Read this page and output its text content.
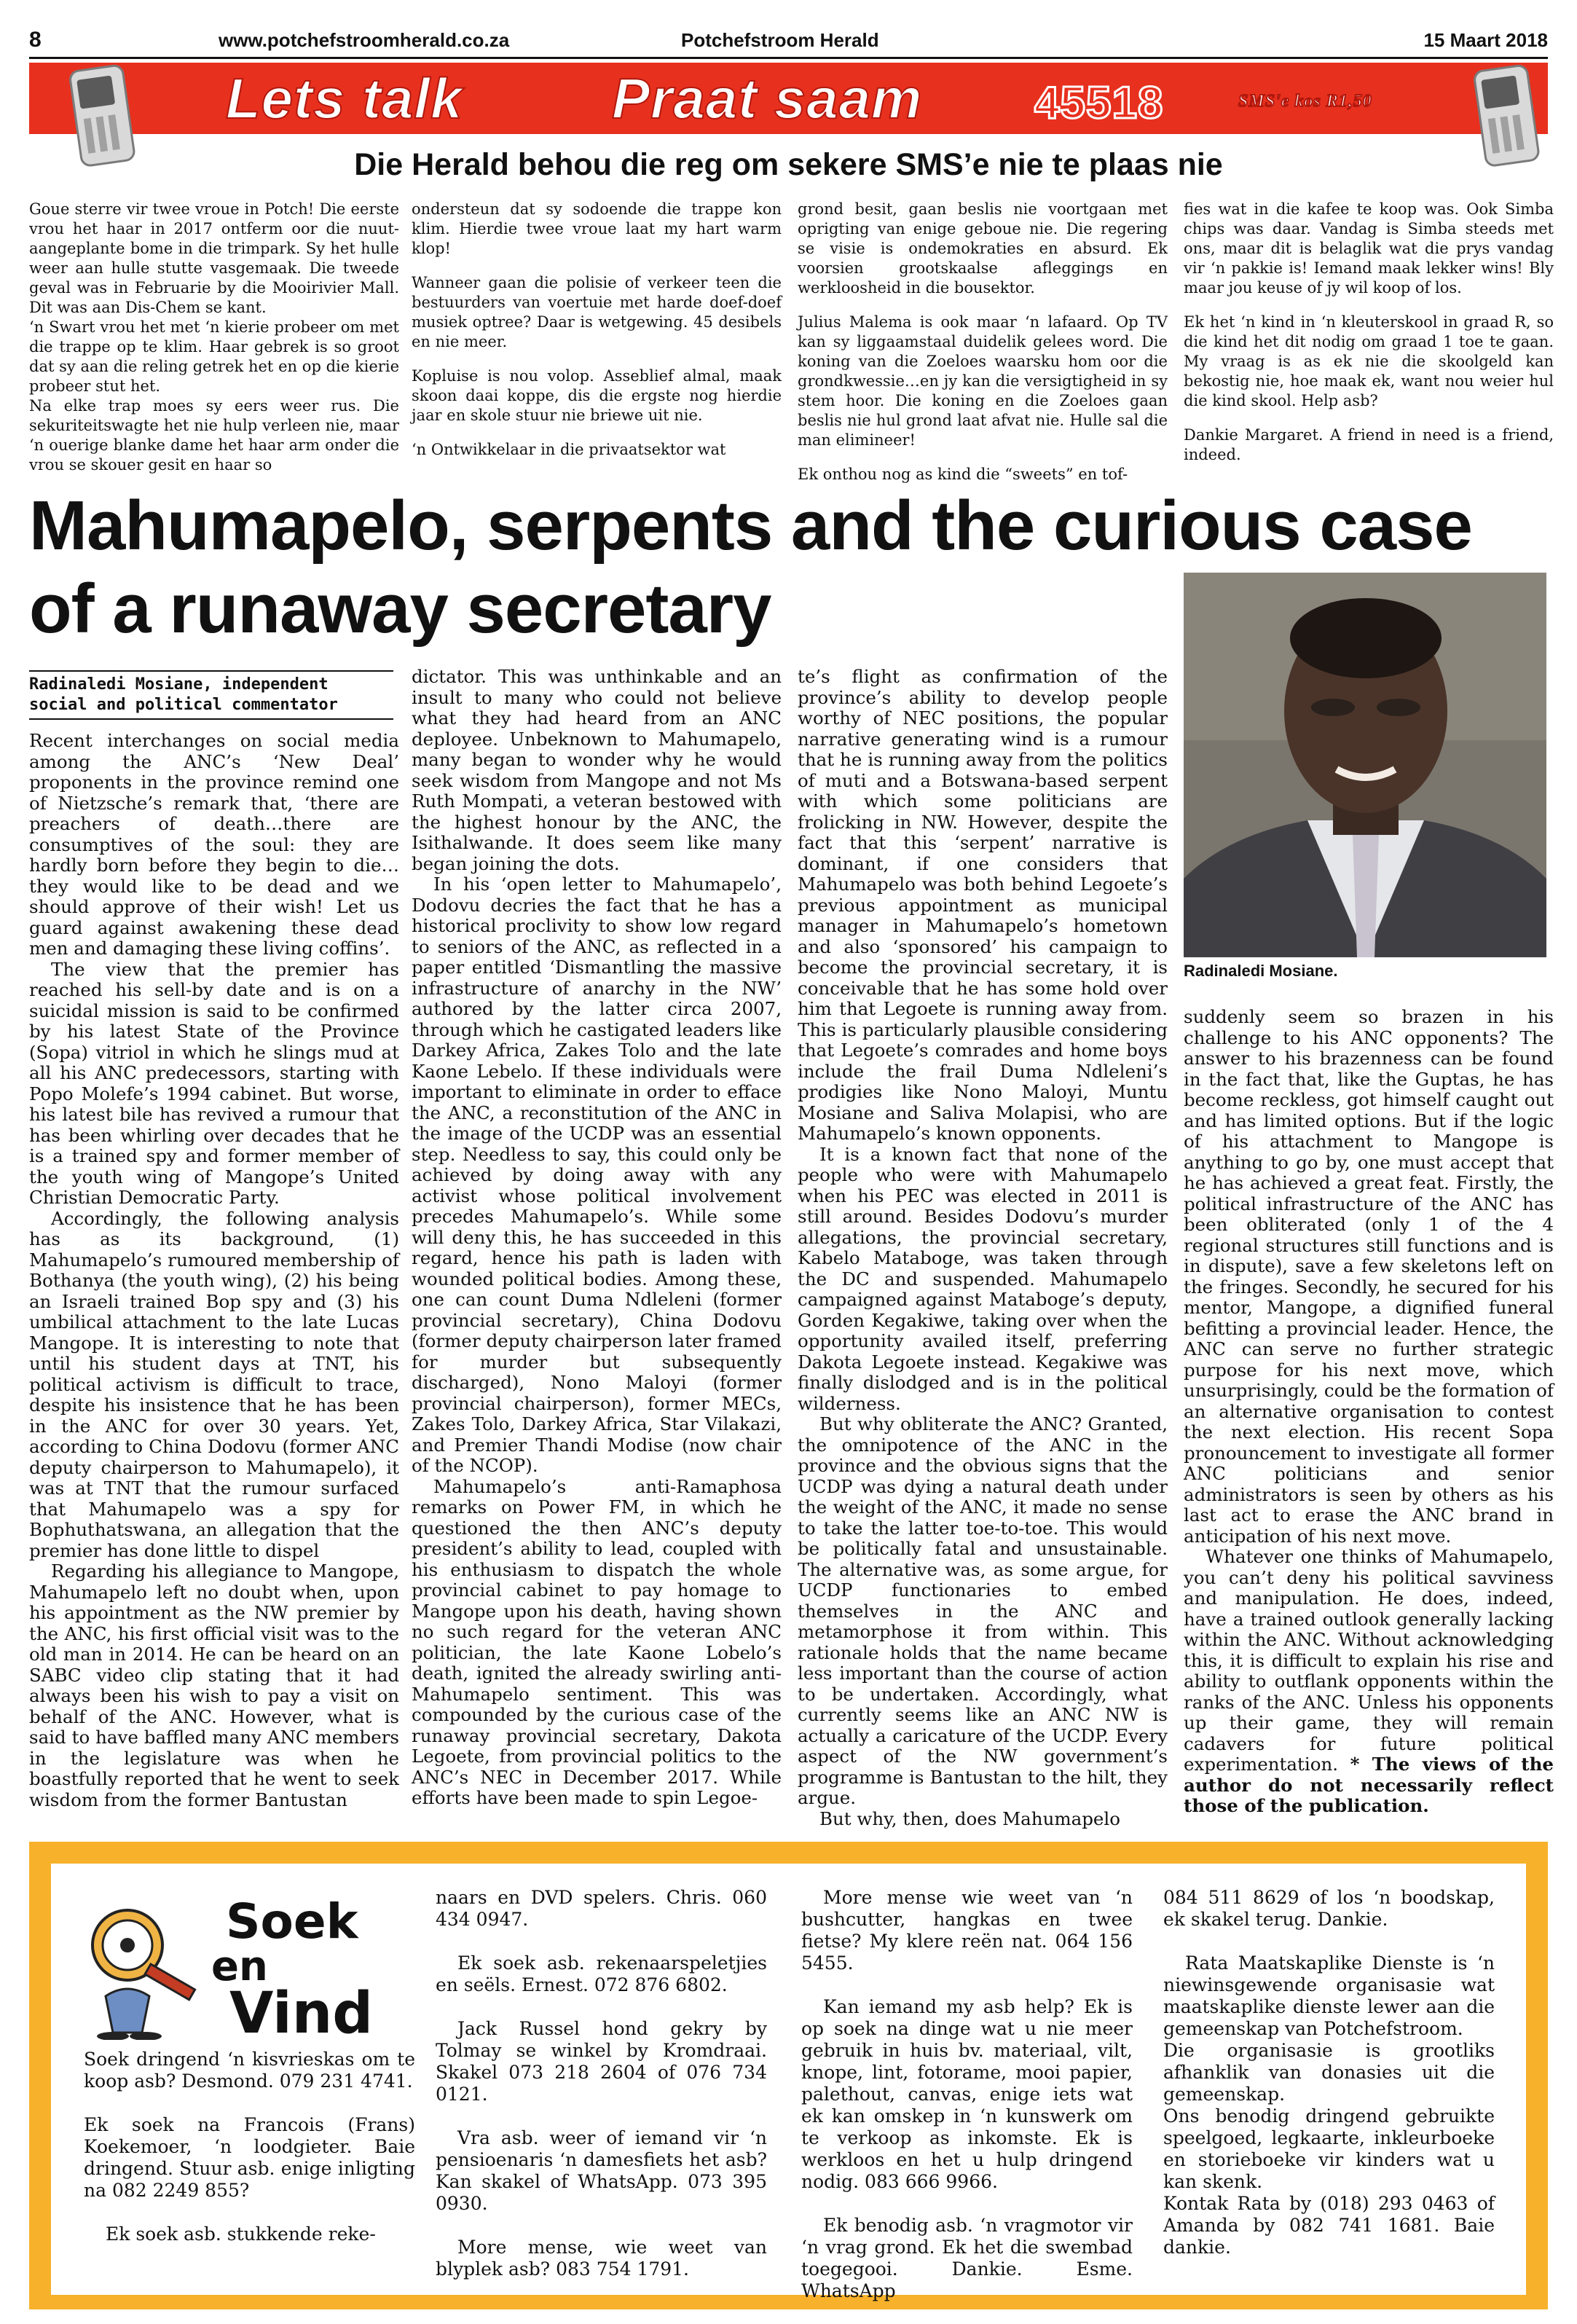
8	www.potchefstroomherald.co.za	Potchefstroom Herald	15 Maart 2018
Lets talk	Praat saam 45518	SMS'e kos R1,50
Die Herald behou die reg om sekere SMS’e nie te plaas nie

Goue sterre vir twee vroue in Potch! Die eerste vrou het haar in 2017 ontferm oor die nuut-aangeplante bome in die trimpark. Sy het hulle weer aan hulle stutte vasgemaak. Die tweede geval was in Februarie by die Mooirivier Mall. Dit was aan Dis-Chem se kant.
‘n Swart vrou het met ‘n kierie probeer om met die trappe op te klim. Haar gebrek is so groot dat sy aan die reling getrek het en op die kierie probeer stut het.
Na elke trap moes sy eers weer rus. Die sekuriteitswagte het nie hulp verleen nie, maar ‘n ouerige blanke dame het haar arm onder die vrou se skouer gesit en haar so

ondersteun dat sy sodoende die trappe kon klim. Hierdie twee vroue laat my hart warm klop!

Wanneer gaan die polisie of verkeer teen die bestuurders van voertuie met harde doef-doef musiek optree? Daar is wetgewing. 45 desibels en nie meer.

Kopluise is nou volop. Asseblief almal, maak skoon daai koppe, dis die ergste nog hierdie jaar en skole stuur nie briewe uit nie.

‘n Ontwikkelaar in die privaatsektor wat

grond besit, gaan beslis nie voortgaan met oprigting van enige geboue nie. Die regering se visie is ondemokraties en absurd. Ek voorsien grootskaalse afleggings en werkloosheid in die bousektor.

Julius Malema is ook maar ‘n lafaard. Op TV kan sy liggaamstaal duidelik gelees word. Die koning van die Zoeloes waarsku hom oor die grondkwessie…en jy kan die versigtigheid in sy stem hoor. Die koning en die Zoeloes gaan beslis nie hul grond laat afvat nie. Hulle sal die man elimineer!

Ek onthou nog as kind die “sweets” en tof-

fies wat in die kafee te koop was. Ook Simba chips was daar. Vandag is Simba steeds met ons, maar dit is belaglik wat die prys vandag vir ‘n pakkie is! Iemand maak lekker wins! Bly maar jou keuse of jy wil koop of los.

Ek het ‘n kind in ‘n kleuterskool in graad R, so die kind het dit nodig om graad 1 toe te gaan. My vraag is as ek nie die skoolgeld kan bekostig nie, hoe maak ek, want nou weier hul die kind skool. Help asb?

Dankie Margaret. A friend in need is a friend, indeed.

Mahumapelo, serpents and the curious case of a runaway secretary
Radinaledi Mosiane, independent social and political commentator

Recent interchanges on social media among the ANC’s ‘New Deal’ proponents in the province remind one of Nietzsche’s remark that, ‘there are preachers of death…there are consumptives of the soul: they are hardly born before they begin to die… they would like to be dead and we should approve of their wish! Let us guard against awakening these dead men and damaging these living coffins’.

The view that the premier has reached his sell-by date and is on a suicidal mission is said to be confirmed by his latest State of the Province (Sopa) vitriol in which he slings mud at all his ANC predecessors, starting with Popo Molefe’s 1994 cabinet. But worse, his latest bile has revived a rumour that has been whirling over decades that he is a trained spy and former member of the youth wing of Mangope’s United Christian Democratic Party.

Accordingly, the following analysis has as its background, (1) Mahumapelo’s rumoured membership of Bothanya (the youth wing), (2) his being an Israeli trained Bop spy and (3) his umbilical attachment to the late Lucas Mangope. It is interesting to note that until his student days at TNT, his political activism is difficult to trace, despite his insistence that he has been in the ANC for over 30 years. Yet, according to China Dodovu (former ANC deputy chairperson to Mahumapelo), it was at TNT that the rumour surfaced that Mahumapelo was a spy for Bophuthatswana, an allegation that the premier has done little to dispel

Regarding his allegiance to Mangope, Mahumapelo left no doubt when, upon his appointment as the NW premier by the ANC, his first official visit was to the old man in 2014. He can be heard on an SABC video clip stating that it had always been his wish to pay a visit on behalf of the ANC. However, what is said to have baffled many ANC members in the legislature was when he boastfully reported that he went to seek wisdom from the former Bantustan

dictator. This was unthinkable and an insult to many who could not believe what they had heard from an ANC deployee. Unbeknown to Mahumapelo, many began to wonder why he would seek wisdom from Mangope and not Ms Ruth Mompati, a veteran bestowed with the highest honour by the ANC, the Isithalwande. It does seem like many began joining the dots.

In his ‘open letter to Mahumapelo’, Dodovu decries the fact that he has a historical proclivity to show low regard to seniors of the ANC, as reflected in a paper entitled ‘Dismantling the massive infrastructure of anarchy in the NW’ authored by the latter circa 2007, through which he castigated leaders like Darkey Africa, Zakes Tolo and the late Kaone Lebelo. If these individuals were important to eliminate in order to efface the ANC, a reconstitution of the ANC in the image of the UCDP was an essential step. Needless to say, this could only be achieved by doing away with any activist whose political involvement precedes Mahumapelo’s. While some will deny this, he has succeeded in this regard, hence his path is laden with wounded political bodies. Among these, one can count Duma Ndleleni (former provincial secretary), China Dodovu (former deputy chairperson later framed for murder but subsequently discharged), Nono Maloyi (former provincial chairperson), former MECs, Zakes Tolo, Darkey Africa, Star Vilakazi, and Premier Thandi Modise (now chair of the NCOP).

Mahumapelo’s anti-Ramaphosa remarks on Power FM, in which he questioned the then ANC’s deputy president’s ability to lead, coupled with his enthusiasm to dispatch the whole provincial cabinet to pay homage to Mangope upon his death, having shown no such regard for the veteran ANC politician, the late Kaone Lobelo’s death, ignited the already swirling anti-Mahumapelo sentiment. This was compounded by the curious case of the runaway provincial secretary, Dakota Legoete, from provincial politics to the ANC’s NEC in December 2017. While efforts have been made to spin Legoe-

te’s flight as confirmation of the province’s ability to develop people worthy of NEC positions, the popular narrative generating wind is a rumour that he is running away from the politics of muti and a Botswana-based serpent with which some politicians are frolicking in NW. However, despite the fact that this ‘serpent’ narrative is dominant, if one considers that Mahumapelo was both behind Legoete’s previous appointment as municipal manager in Mahumapelo’s hometown and also ‘sponsored’ his campaign to become the provincial secretary, it is conceivable that he has some hold over him that Legoete is running away from. This is particularly plausible considering that Legoete’s comrades and home boys include the frail Duma Ndleleni’s prodigies like Nono Maloyi, Muntu Mosiane and Saliva Molapisi, who are Mahumapelo’s known opponents.

It is a known fact that none of the people who were with Mahumapelo when his PEC was elected in 2011 is still around. Besides Dodovu’s murder allegations, the provincial secretary, Kabelo Mataboge, was taken through the DC and suspended. Mahumapelo campaigned against Mataboge’s deputy, Gorden Kegakiwe, taking over when the opportunity availed itself, preferring Dakota Legoete instead. Kegakiwe was finally dislodged and is in the political wilderness.

But why obliterate the ANC? Granted, the omnipotence of the ANC in the province and the obvious signs that the UCDP was dying a natural death under the weight of the ANC, it made no sense to take the latter toe-to-toe. This would be politically fatal and unsustainable. The alternative was, as some argue, for UCDP functionaries to embed themselves in the ANC and metamorphose it from within. This rationale holds that the name became less important than the course of action to be undertaken. Accordingly, what currently seems like an ANC NW is actually a caricature of the UCDP. Every aspect of the NW government’s programme is Bantustan to the hilt, they argue.

But why, then, does Mahumapelo

Radinaledi Mosiane.

suddenly seem so brazen in his challenge to his ANC opponents? The answer to his brazenness can be found in the fact that, like the Guptas, he has become reckless, got himself caught out and has limited options. But if the logic of his attachment to Mangope is anything to go by, one must accept that he has achieved a great feat. Firstly, the political infrastructure of the ANC has been obliterated (only 1 of the 4 regional structures still functions and is in dispute), save a few skeletons left on the fringes. Secondly, he secured for his mentor, Mangope, a dignified funeral befitting a provincial leader. Hence, the ANC can serve no further strategic purpose for his next move, which unsurprisingly, could be the formation of an alternative organisation to contest the next election. His recent Sopa pronouncement to investigate all former ANC politicians and senior administrators is seen by others as his last act to erase the ANC brand in anticipation of his next move.

Whatever one thinks of Mahumapelo, you can’t deny his political savviness and manipulation. He does, indeed, have a trained outlook generally lacking within the ANC. Without acknowledging this, it is difficult to explain his rise and ability to outflank opponents within the ranks of the ANC. Unless his opponents up their game, they will remain cadavers for future political experimentation. * The views of the author do not necessarily reflect those of the publication.

Soek
en
Vind

Soek dringend ‘n kisvrieskas om te koop asb? Desmond. 079 231 4741.

Ek soek na Francois (Frans) Koekemoer, ‘n loodgieter. Baie dringend. Stuur asb. enige inligting na 082 2249 855?

Ek soek asb. stukkende reke-

naars en DVD spelers. Chris. 060 434 0947.

Ek soek asb. rekenaarspeletjies en seëls. Ernest. 072 876 6802.

Jack Russel hond gekry by Tolmay se winkel by Kromdraai. Skakel 073 218 2604 of 076 734 0121.

Vra asb. weer of iemand vir ‘n pensioenaris ‘n damesfiets het asb? Kan skakel of WhatsApp. 073 395 0930.

More mense, wie weet van blyplek asb? 083 754 1791.

More mense wie weet van ‘n bushcutter, hangkas en twee fietse? My klere reën nat. 064 156 5455.

Kan iemand my asb help? Ek is op soek na dinge wat u nie meer gebruik in huis bv. materiaal, vilt, knope, lint, fotorame, mooi papier, palethout, canvas, enige iets wat ek kan omskep in ‘n kunswerk om te verkoop as inkomste. Ek is werkloos en het u hulp dringend nodig. 083 666 9966.

Ek benodig asb. ‘n vragmotor vir ‘n vrag grond. Ek het die swembad toegegooi. Dankie. Esme. WhatsApp

084 511 8629 of los ‘n boodskap, ek skakel terug. Dankie.

Rata Maatskaplike Dienste is ‘n niewinsgewende organisasie wat maatskaplike dienste lewer aan die gemeenskap van Potchefstroom.
Die organisasie is grootliks afhanklik van donasies uit die gemeenskap.
Ons benodig dringend gebruikte speelgoed, legkaarte, inkleurboeke en storieboeke vir kinders wat u kan skenk.
Kontak Rata by (018) 293 0463 of Amanda by 082 741 1681. Baie dankie.
